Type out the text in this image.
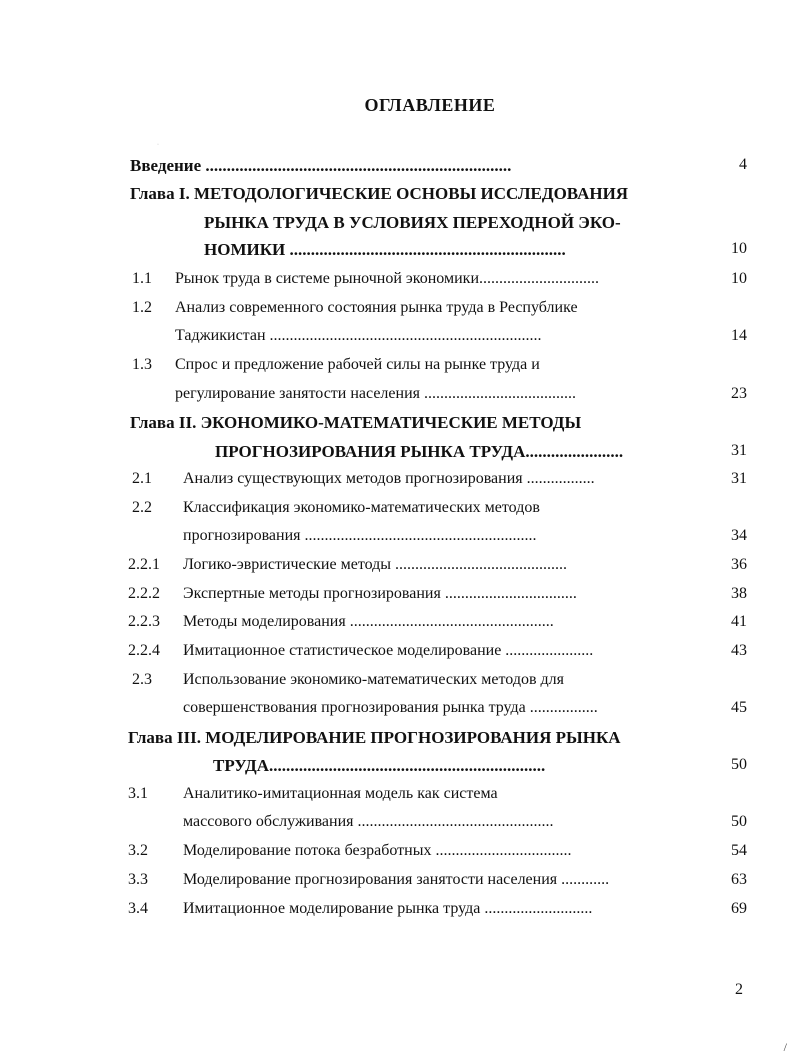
ОГЛАВЛЕНИЕ
·
Введение ........................................................................	4
Глава I. МЕТОДОЛОГИЧЕСКИЕ ОСНОВЫ ИССЛЕДОВАНИЯ
РЫНКА ТРУДА В УСЛОВИЯХ ПЕРЕХОДНОЙ ЭКО-
НОМИКИ .................................................................	10
1.1 Рынок труда в системе рыночной экономики..............................	10
1.2 Анализ современного состояния рынка труда в Республике
Таджикистан ....................................................................	14
1.3 Спрос и предложение рабочей силы на рынке труда и
регулирование занятости населения ......................................	23
Глава II. ЭКОНОМИКО-МАТЕМАТИЧЕСКИЕ МЕТОДЫ
ПРОГНОЗИРОВАНИЯ РЫНКА ТРУДА.......................	31
2.1 Анализ существующих методов прогнозирования .................	31
2.2 Классификация экономико-математических методов
прогнозирования ..........................................................	34
2.2.1 Логико-эвристические методы ...........................................	36
2.2.2 Экспертные методы прогнозирования .................................	38
2.2.3 Методы моделирования ...................................................	41
2.2.4 Имитационное статистическое моделирование ......................	43
2.3 Использование экономико-математических методов для
совершенствования прогнозирования рынка труда .................	45
Глава III. МОДЕЛИРОВАНИЕ ПРОГНОЗИРОВАНИЯ РЫНКА
ТРУДА.................................................................	50
3.1 Аналитико-имитационная модель как система
массового обслуживания .................................................	50
3.2 Моделирование потока безработных ..................................	54
3.3 Моделирование прогнозирования занятости населения ............	63
3.4 Имитационное моделирование рынка труда ...........................	69
2
/
